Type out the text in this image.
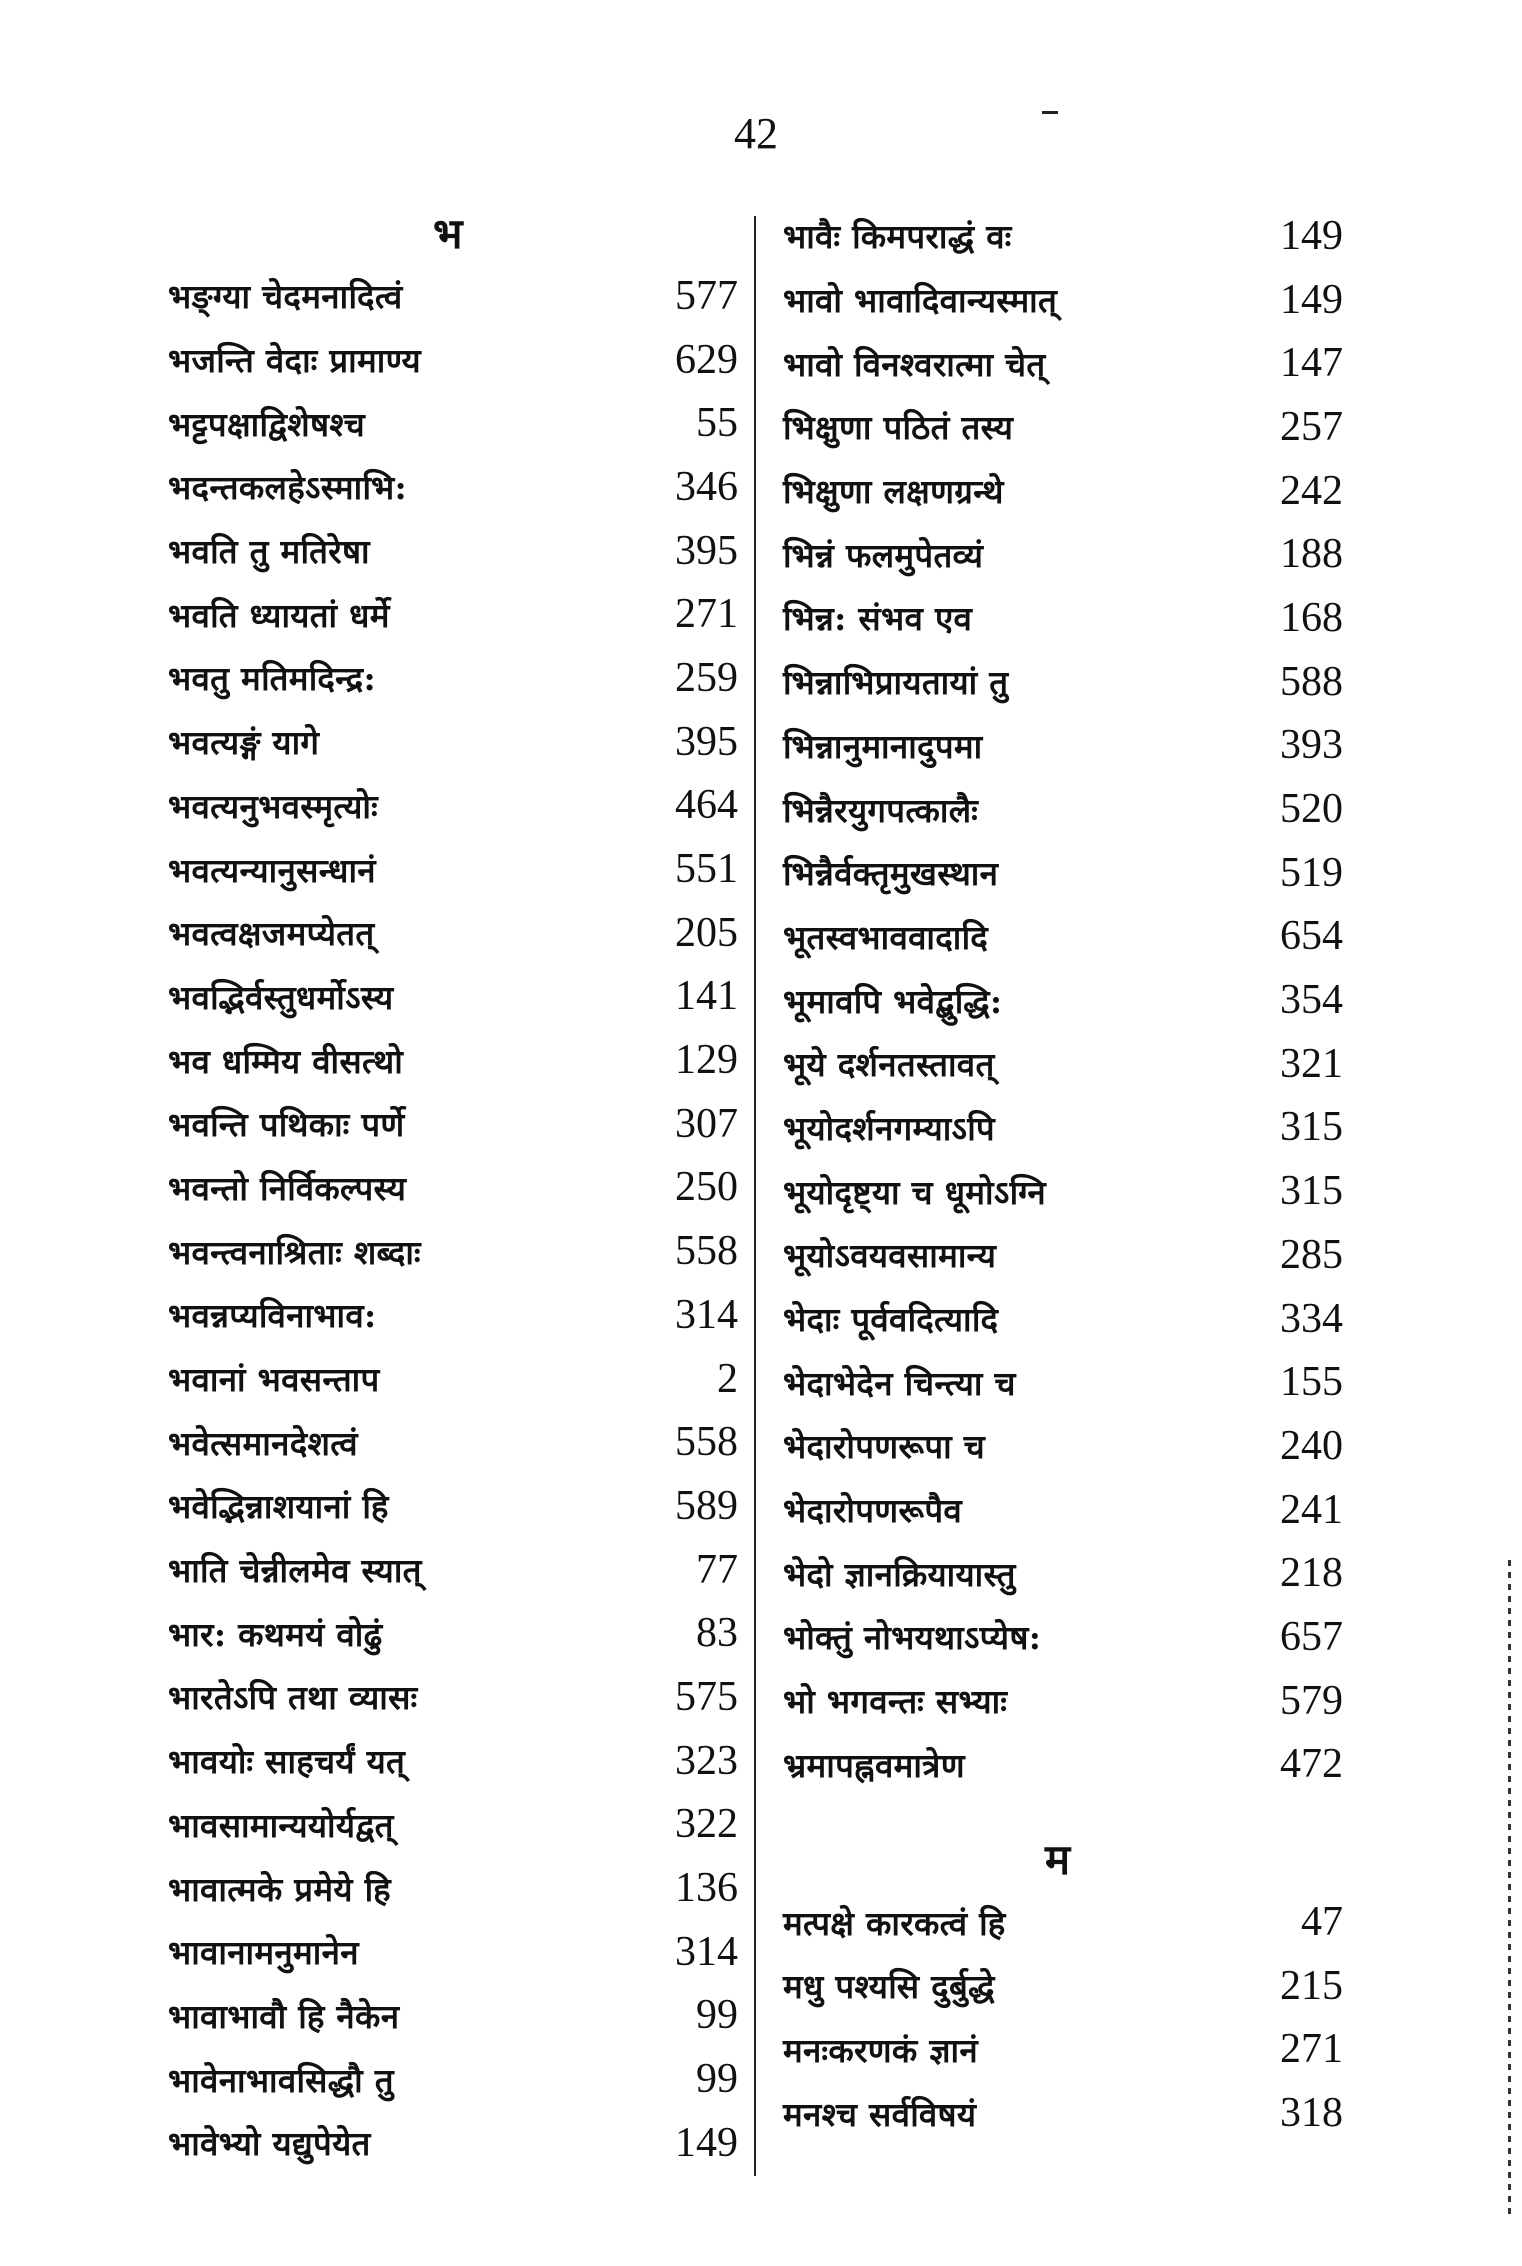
42
भ
भङ्ग्या चेदमनादित्वं	577
भजन्ति वेदाः प्रामाण्य	629
भट्टपक्षाद्विशेषश्च	55
भदन्तकलहेऽस्माभि:	346
भवति तु मतिरेषा	395
भवति ध्यायतां धर्मे	271
भवतु मतिमदिन्द्र:	259
भवत्यङ्गं यागे	395
भवत्यनुभवस्मृत्योः	464
भवत्यन्यानुसन्धानं	551
भवत्वक्षजमप्येतत्	205
भवद्भिर्वस्तुधर्मोऽस्य	141
भव धम्मिय वीसत्थो	129
भवन्ति पथिकाः पर्णे	307
भवन्तो निर्विकल्पस्य	250
भवन्त्वनाश्रिताः शब्दाः	558
भवन्नप्यविनाभाव:	314
भवानां भवसन्ताप	2
भवेत्समानदेशत्वं	558
भवेद्भिन्नाशयानां हि	589
भाति चेन्नीलमेव स्यात्	77
भार: कथमयं वोढुं	83
भारतेऽपि तथा व्यासः	575
भावयोः साहचर्यं यत्	323
भावसामान्ययोर्यद्वत्	322
भावात्मके प्रमेये हि	136
भावानामनुमानेन	314
भावाभावौ हि नैकेन	99
भावेनाभावसिद्धौ तु	99
भावेभ्यो यद्युपेयेत	149
भावैः किमपराद्धं वः	149
भावो भावादिवान्यस्मात्	149
भावो विनश्वरात्मा चेत्	147
भिक्षुणा पठितं तस्य	257
भिक्षुणा लक्षणग्रन्थे	242
भिन्नं फलमुपेतव्यं	188
भिन्न: संभव एव	168
भिन्नाभिप्रायतायां तु	588
भिन्नानुमानादुपमा	393
भिन्नैरयुगपत्कालैः	520
भिन्नैर्वक्तृमुखस्थान	519
भूतस्वभाववादादि	654
भूमावपि भवेद्बुद्धि:	354
भूये दर्शनतस्तावत्	321
भूयोदर्शनगम्याऽपि	315
भूयोदृष्ट्या च धूमोऽग्नि	315
भूयोऽवयवसामान्य	285
भेदाः पूर्ववदित्यादि	334
भेदाभेदेन चिन्त्या च	155
भेदारोपणरूपा च	240
भेदारोपणरूपैव	241
भेदो ज्ञानक्रियायास्तु	218
भोक्तुं नोभयथाऽप्येष:	657
भो भगवन्तः सभ्याः	579
भ्रमापह्नवमात्रेण	472
म
मत्पक्षे कारकत्वं हि	47
मधु पश्यसि दुर्बुद्धे	215
मनःकरणकं ज्ञानं	271
मनश्च सर्वविषयं	318
